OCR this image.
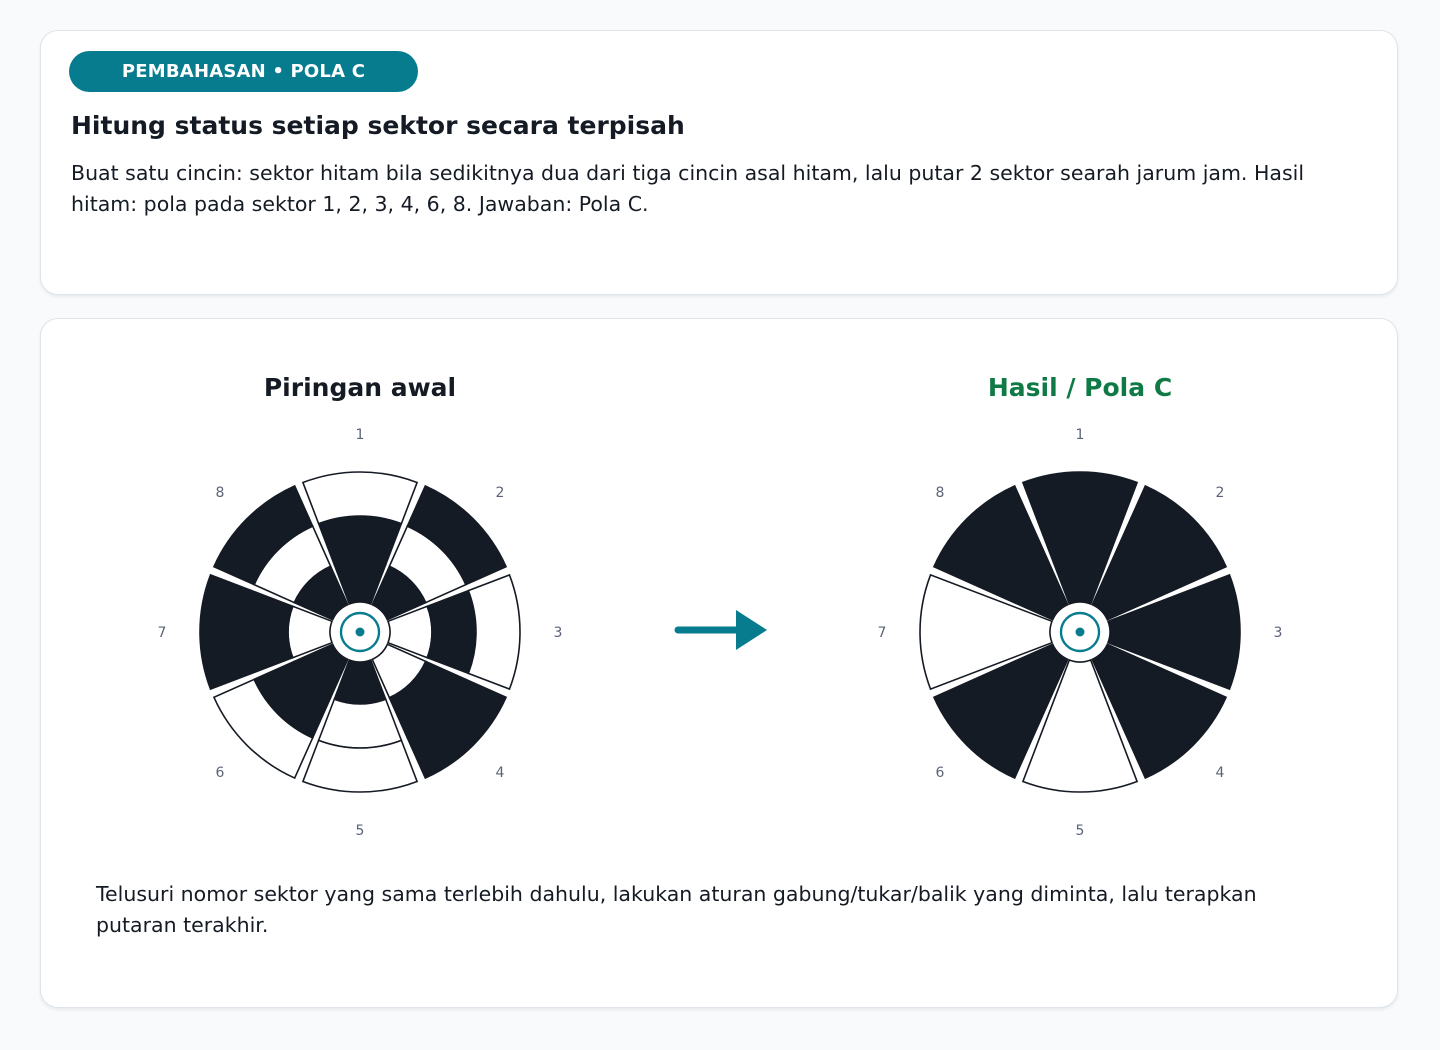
PEMBAHASAN • POLA C
Hitung status setiap sektor secara terpisah

Buat satu cincin: sektor hitam bila sedikitnya dua dari tiga cincin asal hitam, lalu putar 2 sektor searah jarum jam. Hasil hitam: pola pada sektor 1, 2, 3, 4, 6, 8. Jawaban: Pola C.

Telusuri nomor sektor yang sama terlebih dahulu, lakukan aturan gabung/tukar/balik yang diminta, lalu terapkan putaran terakhir.

Piringan awal	Hasil / Pola C
1
2
3
4
5
6
7
8
1
2
3
4
5
6
7
8
